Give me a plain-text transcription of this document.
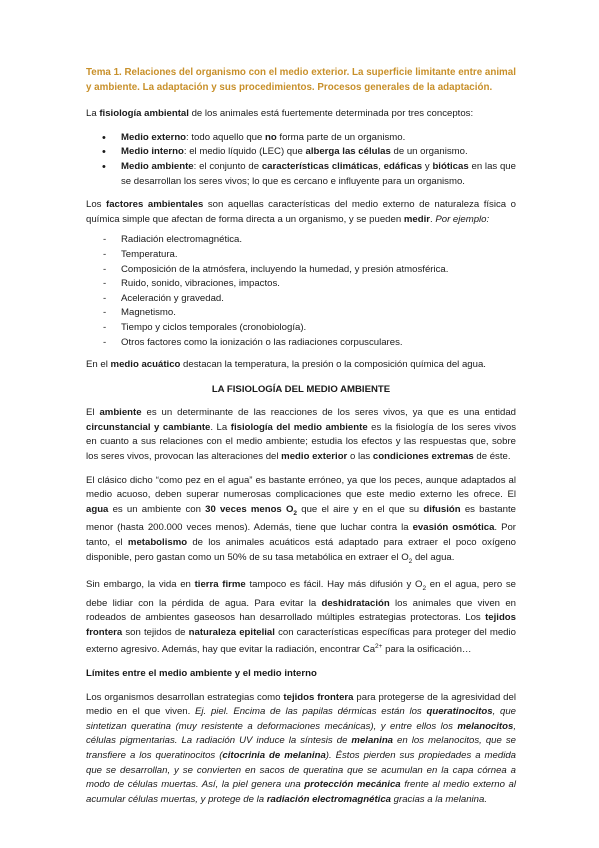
Tema 1. Relaciones del organismo con el medio exterior. La superficie limitante entre animal y ambiente. La adaptación y sus procedimientos. Procesos generales de la adaptación.

La fisiología ambiental de los animales está fuertemente determinada por tres conceptos:

• Medio externo: todo aquello que no forma parte de un organismo.
• Medio interno: el medio líquido (LEC) que alberga las células de un organismo.
• Medio ambiente: el conjunto de características climáticas, edáficas y bióticas en las que se desarrollan los seres vivos; lo que es cercano e influyente para un organismo.

Los factores ambientales son aquellas características del medio externo de naturaleza física o química simple que afectan de forma directa a un organismo, y se pueden medir. Por ejemplo:

- Radiación electromagnética.
- Temperatura.
- Composición de la atmósfera, incluyendo la humedad, y presión atmosférica.
- Ruido, sonido, vibraciones, impactos.
- Aceleración y gravedad.
- Magnetismo.
- Tiempo y ciclos temporales (cronobiología).
- Otros factores como la ionización o las radiaciones corpusculares.

En el medio acuático destacan la temperatura, la presión o la composición química del agua.

LA FISIOLOGÍA DEL MEDIO AMBIENTE

El ambiente es un determinante de las reacciones de los seres vivos, ya que es una entidad circunstancial y cambiante. La fisiología del medio ambiente es la fisiología de los seres vivos en cuanto a sus relaciones con el medio ambiente; estudia los efectos y las respuestas que, sobre los seres vivos, provocan las alteraciones del medio exterior o las condiciones extremas de éste.

El clásico dicho “como pez en el agua” es bastante erróneo, ya que los peces, aunque adaptados al medio acuoso, deben superar numerosas complicaciones que este medio externo les ofrece. El agua es un ambiente con 30 veces menos $O_2$ que el aire y en el que su difusión es bastante menor (hasta 200.000 veces menos). Además, tiene que luchar contra la evasión osmótica. Por tanto, el metabolismo de los animales acuáticos está adaptado para extraer el poco oxígeno disponible, pero gastan como un 50% de su tasa metabólica en extraer el $O_2$ del agua.

Sin embargo, la vida en tierra firme tampoco es fácil. Hay más difusión y $O_2$ en el agua, pero se debe lidiar con la pérdida de agua. Para evitar la deshidratación los animales que viven en rodeados de ambientes gaseosos han desarrollado múltiples estrategias protectoras. Los tejidos frontera son tejidos de naturaleza epitelial con características específicas para proteger del medio externo agresivo. Además, hay que evitar la radiación, encontrar $Ca^{2+}$ para la osificación…

Límites entre el medio ambiente y el medio interno

Los organismos desarrollan estrategias como tejidos frontera para protegerse de la agresividad del medio en el que viven. Ej. piel. Encima de las papilas dérmicas están los queratinocitos, que sintetizan queratina (muy resistente a deformaciones mecánicas), y entre ellos los melanocitos, células pigmentarias. La radiación UV induce la síntesis de melanina en los melanocitos, que se transfiere a los queratinocitos (citocrinia de melanina). Éstos pierden sus propiedades a medida que se desarrollan, y se convierten en sacos de queratina que se acumulan en la capa córnea a modo de células muertas. Así, la piel genera una protección mecánica frente al medio externo al acumular células muertas, y protege de la radiación electromagnética gracias a la melanina.
